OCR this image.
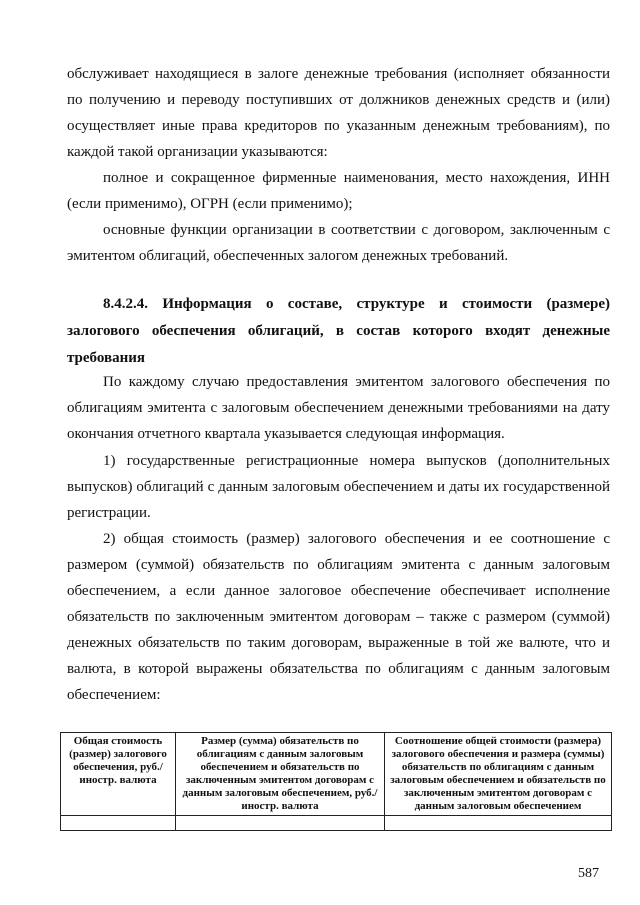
обслуживает находящиеся в залоге денежные требования (исполняет обязанности по получению и переводу поступивших от должников денежных средств и (или) осуществляет иные права кредиторов по указанным денежным требованиям), по каждой такой организации указываются:

полное и сокращенное фирменные наименования, место нахождения, ИНН (если применимо), ОГРН (если применимо);

основные функции организации в соответствии с договором, заключенным с эмитентом облигаций, обеспеченных залогом денежных требований.

8.4.2.4. Информация о составе, структуре и стоимости (размере) залогового обеспечения облигаций, в состав которого входят денежные требования

По каждому случаю предоставления эмитентом залогового обеспечения по облигациям эмитента с залоговым обеспечением денежными требованиями на дату окончания отчетного квартала указывается следующая информация.

1) государственные регистрационные номера выпусков (дополнительных выпусков) облигаций с данным залоговым обеспечением и даты их государственной регистрации.

2) общая стоимость (размер) залогового обеспечения и ее соотношение с размером (суммой) обязательств по облигациям эмитента с данным залоговым обеспечением, а если данное залоговое обеспечение обеспечивает исполнение обязательств по заключенным эмитентом договорам – также с размером (суммой) денежных обязательств по таким договорам, выраженные в той же валюте, что и валюта, в которой выражены обязательства по облигациям с данным залоговым обеспечением:

Общая стоимость (размер) залогового обеспечения, руб./иностр. валюта	Размер (сумма) обязательств по облигациям с данным залоговым обеспечением и обязательств по заключенным эмитентом договорам с данным залоговым обеспечением, руб./иностр. валюта	Соотношение общей стоимости (размера) залогового обеспечения и размера (суммы) обязательств по облигациям с данным залоговым обеспечением и обязательств по заключенным эмитентом договорам с данным залоговым обеспечением

587
